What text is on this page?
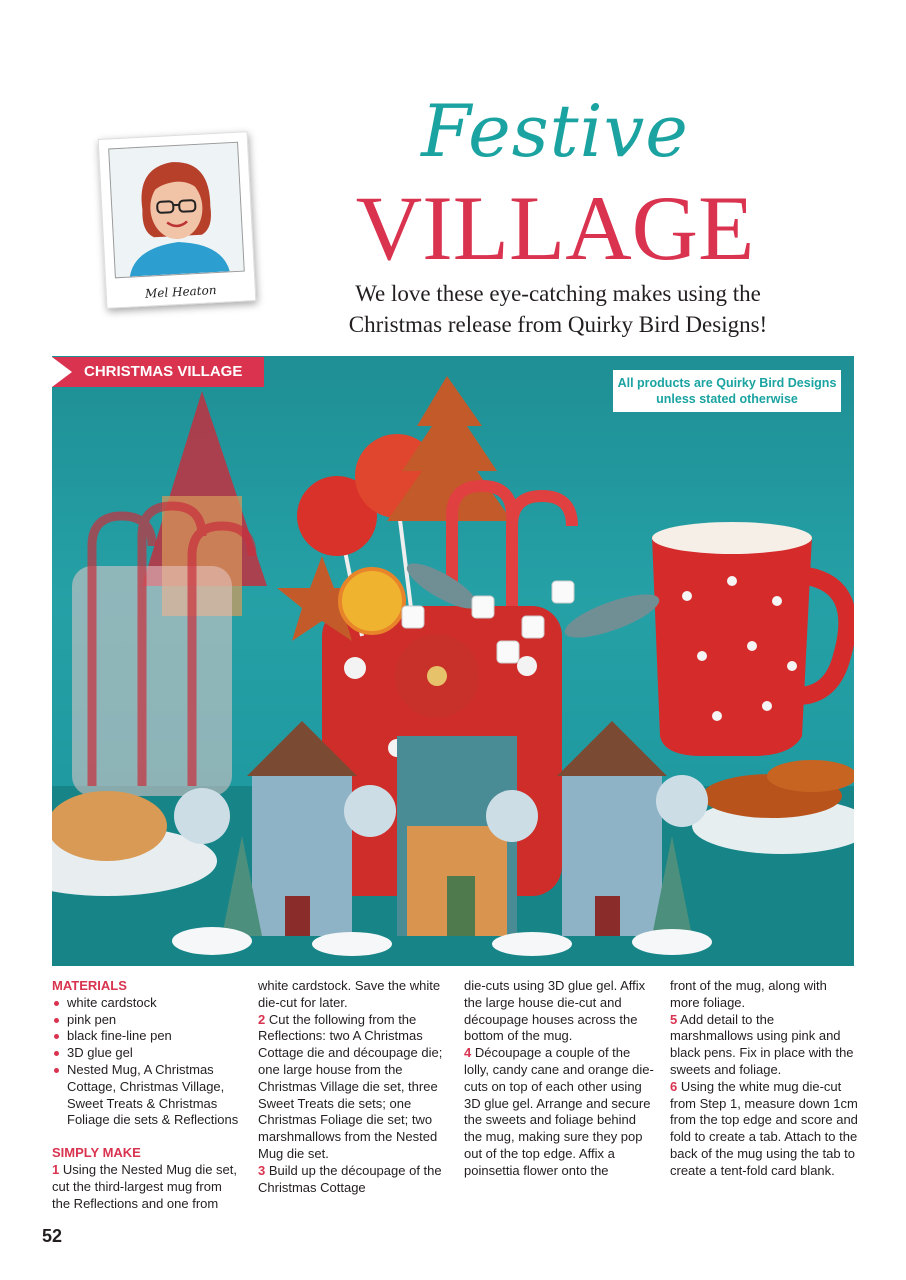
Mel Heaton
Festive
VILLAGE
We love these eye-catching makes using the
Christmas release from Quirky Bird Designs!
CHRISTMAS VILLAGE
All products are Quirky Bird Designs
unless stated otherwise
MATERIALS
white cardstock
pink pen
black fine-line pen
3D glue gel
Nested Mug, A Christmas Cottage, Christmas Village, Sweet Treats & Christmas Foliage die sets & Reflections
SIMPLY MAKE

1 Using the Nested Mug die set, cut the third-largest mug from the Reflections and one from

white cardstock. Save the white die-cut for later.

2 Cut the following from the Reflections: two A Christmas Cottage die and découpage die; one large house from the Christmas Village die set, three Sweet Treats die sets; one Christmas Foliage die set; two marshmallows from the Nested Mug die set.

3 Build up the découpage of the Christmas Cottage

die-cuts using 3D glue gel. Affix the large house die-cut and découpage houses across the bottom of the mug.

4 Découpage a couple of the lolly, candy cane and orange die-cuts on top of each other using 3D glue gel. Arrange and secure the sweets and foliage behind the mug, making sure they pop out of the top edge. Affix a poinsettia flower onto the

front of the mug, along with more foliage.

5 Add detail to the marshmallows using pink and black pens. Fix in place with the sweets and foliage.

6 Using the white mug die-cut from Step 1, measure down 1cm from the top edge and score and fold to create a tab. Attach to the back of the mug using the tab to create a tent-fold card blank.

52
